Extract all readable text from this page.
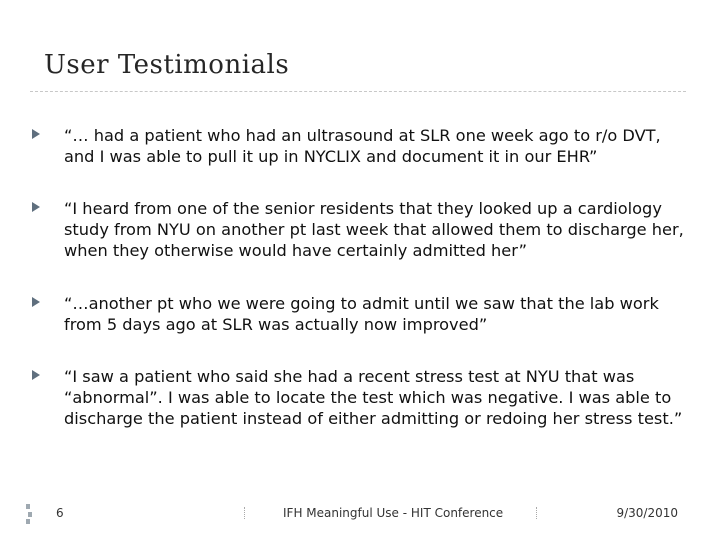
User Testimonials
“… had a patient who had an ultrasound at SLR one week ago to r/o DVT, and I was able to pull it up in NYCLIX and document it in our EHR”
“I heard from one of the senior residents that they looked up a cardiology study from NYU on another pt last week that allowed them to discharge her, when they otherwise would have certainly admitted her”
“…another pt who we were going to admit until we saw that the lab work from 5 days ago at SLR was actually now improved”
“I saw a patient who said she had a recent stress test at NYU that was “abnormal”. I was able to locate the test which was negative. I was able to discharge the patient instead of either admitting or redoing her stress test.”
6	IFH Meaningful Use - HIT Conference	9/30/2010
